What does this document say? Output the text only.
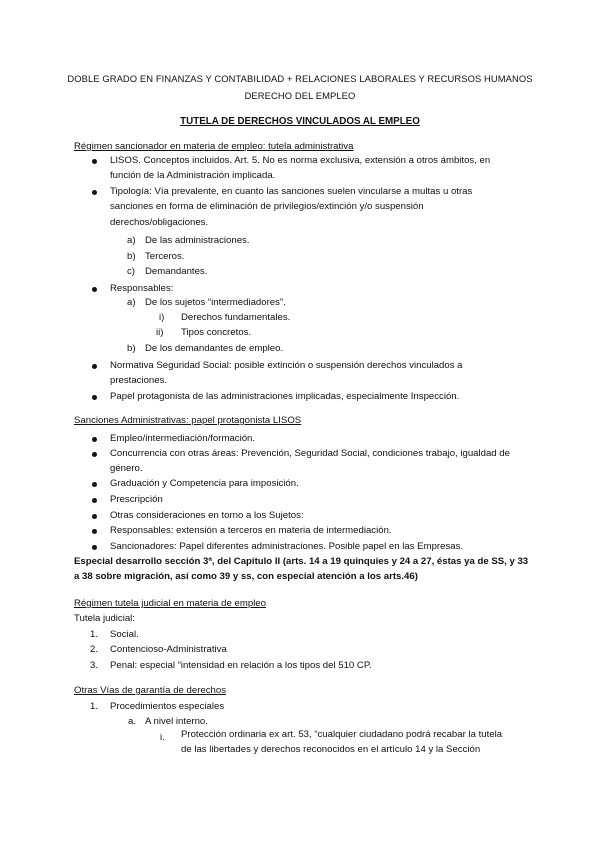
DOBLE GRADO EN FINANZAS Y CONTABILIDAD + RELACIONES LABORALES Y RECURSOS HUMANOS
DERECHO DEL EMPLEO
TUTELA DE DERECHOS VINCULADOS AL EMPLEO
Régimen sancionador en materia de empleo: tutela administrativa
LISOS. Conceptos incluidos. Art. 5. No es norma exclusiva, extensión a otros ámbitos, en
función de la Administración implicada.
Tipología: Vía prevalente, en cuanto las sanciones suelen vincularse a multas u otras
sanciones en forma de eliminación de privilegios/extinción y/o suspensión
derechos/obligaciones.
a) De las administraciones.
b) Terceros.
c) Demandantes.
Responsables:
a) De los sujetos “intermediadores”.
i) Derechos fundamentales.
ii) Tipos concretos.
b) De los demandantes de empleo.
Normativa Seguridad Social: posible extinción o suspensión derechos vinculados a
prestaciones.
Papel protagonista de las administraciones implicadas, especialmente Inspección.
Sanciones Administrativas: papel protagonista LISOS
Empleo/intermediación/formación.
Concurrencia con otras áreas: Prevención, Seguridad Social, condiciones trabajo, igualdad de
género.
Graduación y Competencia para imposición.
Prescripción
Otras consideraciones en torno a los Sujetos:
Responsables: extensión a terceros en materia de intermediación.
Sancionadores: Papel diferentes administraciones. Posible papel en las Empresas.
Especial desarrollo sección 3ª, del Capítulo II (arts. 14 a 19 quinquies y 24 a 27, éstas ya de SS, y 33 a 38 sobre migración, así como 39 y ss, con especial atención a los arts.46)
Régimen tutela judicial en materia de empleo
Tutela judicial:
1. Social.
2. Contencioso-Administrativa
3. Penal: especial “intensidad en relación a los tipos del 510 CP.
Otras Vías de garantía de derechos
1. Procedimientos especiales
a. A nivel interno.
i. Protección ordinaria ex art. 53, “cualquier ciudadano podrá recabar la tutela
de las libertades y derechos reconocidos en el artículo 14 y la Sección
